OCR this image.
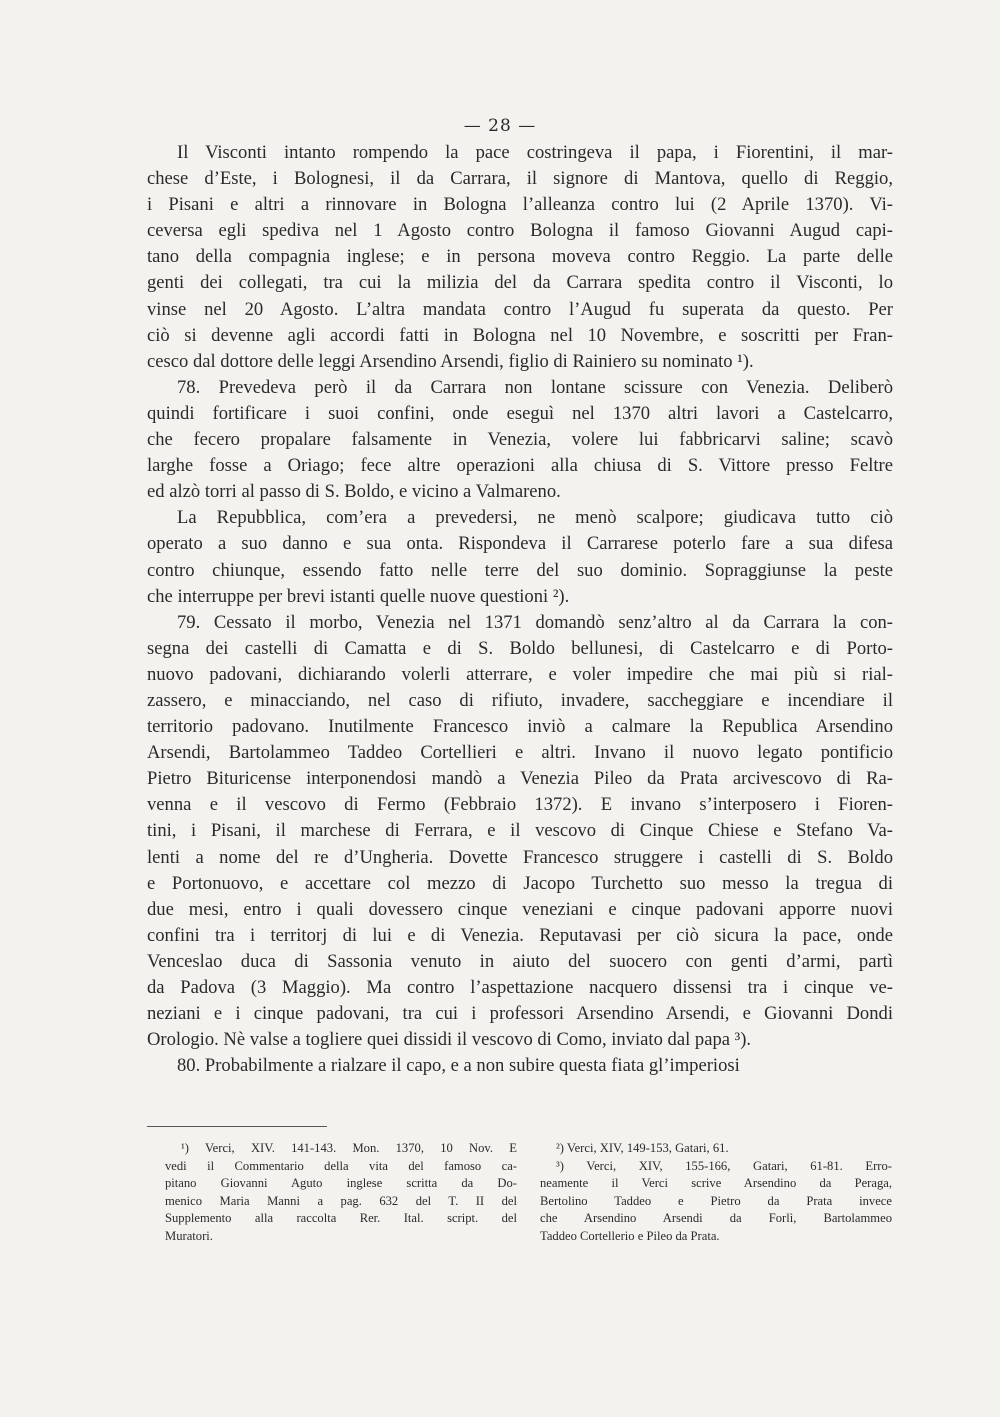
— 28 —
Il Visconti intanto rompendo la pace costringeva il papa, i Fiorentini, il mar-
chese d’Este, i Bolognesi, il da Carrara, il signore di Mantova, quello di Reggio,
i Pisani e altri a rinnovare in Bologna l’alleanza contro lui (2 Aprile 1370). Vi-
ceversa egli spediva nel 1 Agosto contro Bologna il famoso Giovanni Augud capi-
tano della compagnia inglese; e in persona moveva contro Reggio. La parte delle
genti dei collegati, tra cui la milizia del da Carrara spedita contro il Visconti, lo
vinse nel 20 Agosto. L’altra mandata contro l’Augud fu superata da questo. Per
ciò si devenne agli accordi fatti in Bologna nel 10 Novembre, e soscritti per Fran-
cesco dal dottore delle leggi Arsendino Arsendi, figlio di Rainiero su nominato ¹).
78. Prevedeva però il da Carrara non lontane scissure con Venezia. Deliberò
quindi fortificare i suoi confini, onde eseguì nel 1370 altri lavori a Castelcarro,
che fecero propalare falsamente in Venezia, volere lui fabbricarvi saline; scavò
larghe fosse a Oriago; fece altre operazioni alla chiusa di S. Vittore presso Feltre
ed alzò torri al passo di S. Boldo, e vicino a Valmareno.
La Repubblica, com’era a prevedersi, ne menò scalpore; giudicava tutto ciò
operato a suo danno e sua onta. Rispondeva il Carrarese poterlo fare a sua difesa
contro chiunque, essendo fatto nelle terre del suo dominio. Sopraggiunse la peste
che interruppe per brevi istanti quelle nuove questioni ²).
79. Cessato il morbo, Venezia nel 1371 domandò senz’altro al da Carrara la con-
segna dei castelli di Camatta e di S. Boldo bellunesi, di Castelcarro e di Porto-
nuovo padovani, dichiarando volerli atterrare, e voler impedire che mai più si rial-
zassero, e minacciando, nel caso di rifiuto, invadere, saccheggiare e incendiare il
territorio padovano. Inutilmente Francesco inviò a calmare la Republica Arsendino
Arsendi, Bartolammeo Taddeo Cortellieri e altri. Invano il nuovo legato pontificio
Pietro Bituricense interponendosi mandò a Venezia Pileo da Prata arcivescovo di Ra-
venna e il vescovo di Fermo (Febbraio 1372). E invano s’interposero i Fioren-
tini, i Pisani, il marchese di Ferrara, e il vescovo di Cinque Chiese e Stefano Va-
lenti a nome del re d’Ungheria. Dovette Francesco struggere i castelli di S. Boldo
e Portonuovo, e accettare col mezzo di Jacopo Turchetto suo messo la tregua di
due mesi, entro i quali dovessero cinque veneziani e cinque padovani apporre nuovi
confini tra i territorj di lui e di Venezia. Reputavasi per ciò sicura la pace, onde
Venceslao duca di Sassonia venuto in aiuto del suocero con genti d’armi, partì
da Padova (3 Maggio). Ma contro l’aspettazione nacquero dissensi tra i cinque ve-
neziani e i cinque padovani, tra cui i professori Arsendino Arsendi, e Giovanni Dondi
Orologio. Nè valse a togliere quei dissidi il vescovo di Como, inviato dal papa ³).
80. Probabilmente a rialzare il capo, e a non subire questa fiata gl’imperiosi
¹) Verci, XIV. 141-143. Mon. 1370, 10 Nov. E
vedi il Commentario della vita del famoso ca-
pitano Giovanni Aguto inglese scritta da Do-
menico Maria Manni a pag. 632 del T. II del
Supplemento alla raccolta Rer. Ital. script. del
Muratori.
²) Verci, XIV, 149-153, Gatari, 61.
³) Verci, XIV, 155-166, Gatari, 61-81. Erro-
neamente il Verci scrive Arsendino da Peraga,
Bertolino Taddeo e Pietro da Prata invece
che Arsendino Arsendi da Forlì, Bartolammeo
Taddeo Cortellerio e Pileo da Prata.
